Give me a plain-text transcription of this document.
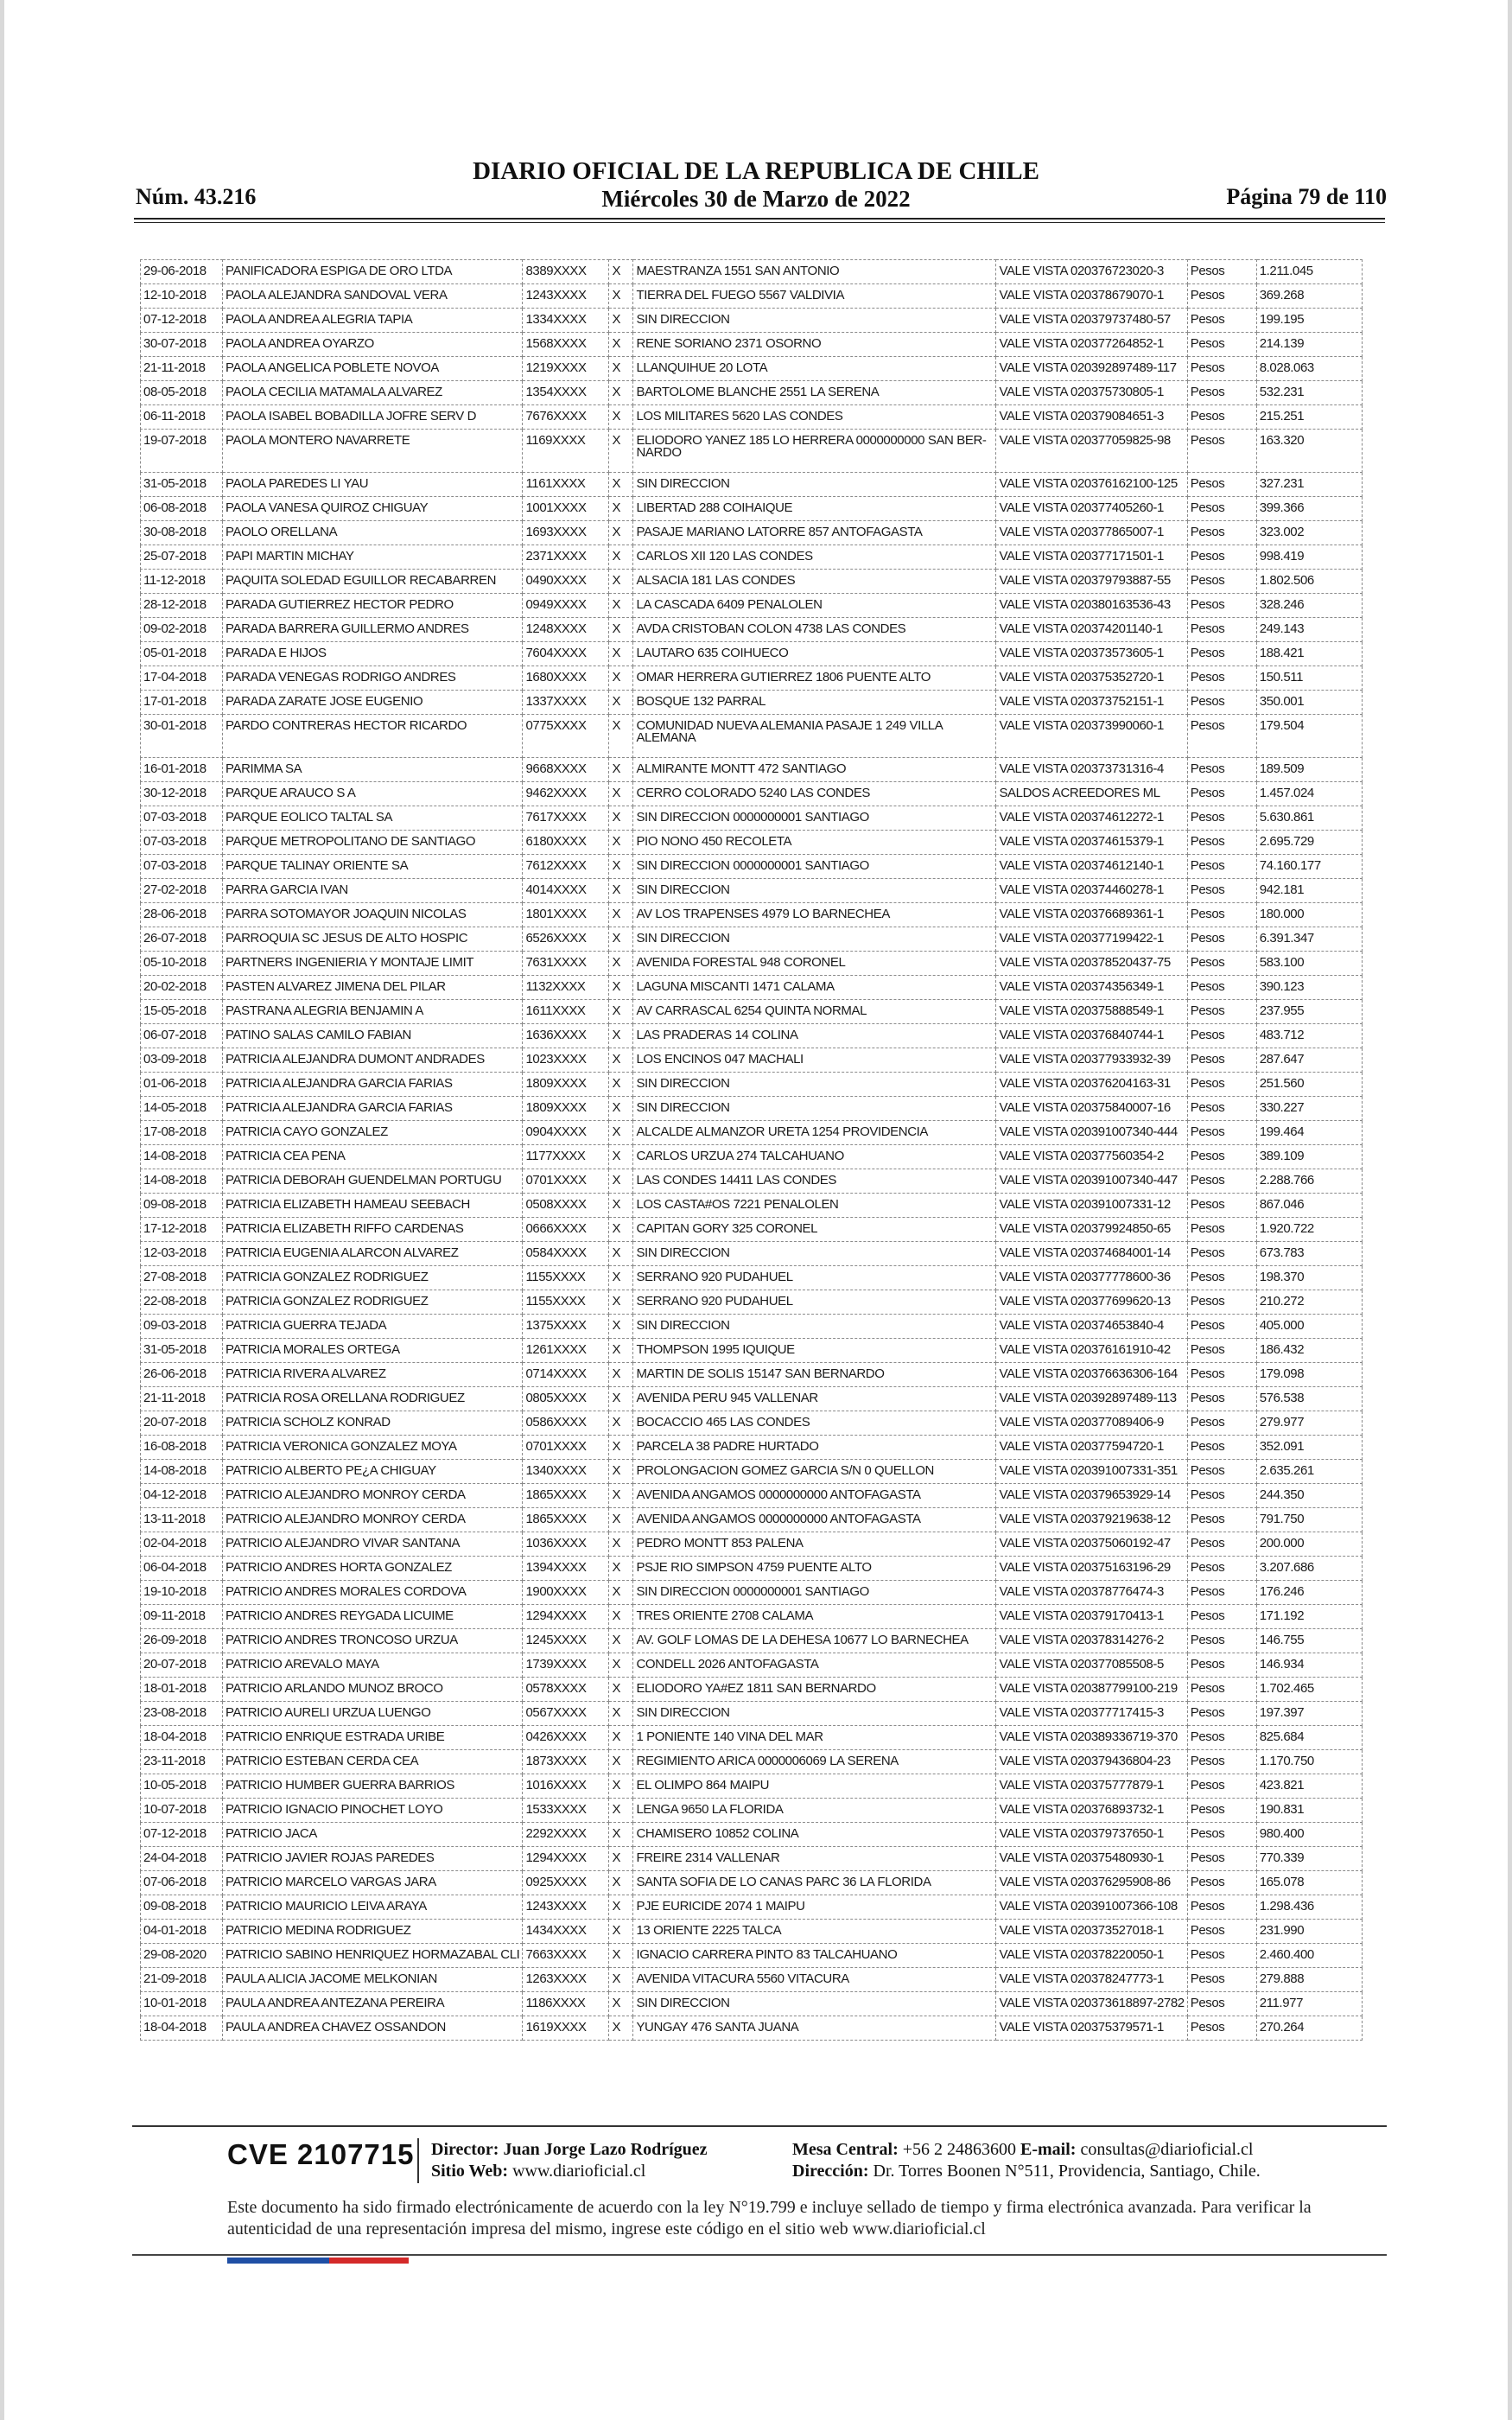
DIARIO OFICIAL DE LA REPUBLICA DE CHILE
Núm. 43.216	Miércoles 30 de Marzo de 2022	Página 79 de 110
29-06-2018	PANIFICADORA ESPIGA DE ORO LTDA	8389XXXX	X	MAESTRANZA 1551 SAN ANTONIO	VALE VISTA 020376723020-3	Pesos	1.211.045
12-10-2018	PAOLA ALEJANDRA SANDOVAL VERA	1243XXXX	X	TIERRA DEL FUEGO 5567 VALDIVIA	VALE VISTA 020378679070-1	Pesos	369.268
07-12-2018	PAOLA ANDREA ALEGRIA TAPIA	1334XXXX	X	SIN DIRECCION	VALE VISTA 020379737480-57	Pesos	199.195
30-07-2018	PAOLA ANDREA OYARZO	1568XXXX	X	RENE SORIANO 2371 OSORNO	VALE VISTA 020377264852-1	Pesos	214.139
21-11-2018	PAOLA ANGELICA POBLETE NOVOA	1219XXXX	X	LLANQUIHUE 20 LOTA	VALE VISTA 020392897489-117	Pesos	8.028.063
08-05-2018	PAOLA CECILIA MATAMALA ALVAREZ	1354XXXX	X	BARTOLOME BLANCHE 2551 LA SERENA	VALE VISTA 020375730805-1	Pesos	532.231
06-11-2018	PAOLA ISABEL BOBADILLA JOFRE SERV D	7676XXXX	X	LOS MILITARES 5620 LAS CONDES	VALE VISTA 020379084651-3	Pesos	215.251
19-07-2018	PAOLA MONTERO NAVARRETE	1169XXXX	X	ELIODORO YANEZ 185 LO HERRERA 0000000000 SAN BER-NARDO	VALE VISTA 020377059825-98	Pesos	163.320
31-05-2018	PAOLA PAREDES LI YAU	1161XXXX	X	SIN DIRECCION	VALE VISTA 020376162100-125	Pesos	327.231
06-08-2018	PAOLA VANESA QUIROZ CHIGUAY	1001XXXX	X	LIBERTAD 288 COIHAIQUE	VALE VISTA 020377405260-1	Pesos	399.366
30-08-2018	PAOLO ORELLANA	1693XXXX	X	PASAJE MARIANO LATORRE 857 ANTOFAGASTA	VALE VISTA 020377865007-1	Pesos	323.002
25-07-2018	PAPI MARTIN MICHAY	2371XXXX	X	CARLOS XII 120 LAS CONDES	VALE VISTA 020377171501-1	Pesos	998.419
11-12-2018	PAQUITA SOLEDAD EGUILLOR RECABARREN	0490XXXX	X	ALSACIA 181 LAS CONDES	VALE VISTA 020379793887-55	Pesos	1.802.506
28-12-2018	PARADA GUTIERREZ HECTOR PEDRO	0949XXXX	X	LA CASCADA 6409 PENALOLEN	VALE VISTA 020380163536-43	Pesos	328.246
09-02-2018	PARADA BARRERA GUILLERMO ANDRES	1248XXXX	X	AVDA CRISTOBAN COLON 4738 LAS CONDES	VALE VISTA 020374201140-1	Pesos	249.143
05-01-2018	PARADA E HIJOS	7604XXXX	X	LAUTARO 635 COIHUECO	VALE VISTA 020373573605-1	Pesos	188.421
17-04-2018	PARADA VENEGAS RODRIGO ANDRES	1680XXXX	X	OMAR HERRERA GUTIERREZ 1806 PUENTE ALTO	VALE VISTA 020375352720-1	Pesos	150.511
17-01-2018	PARADA ZARATE JOSE EUGENIO	1337XXXX	X	BOSQUE 132 PARRAL	VALE VISTA 020373752151-1	Pesos	350.001
30-01-2018	PARDO CONTRERAS HECTOR RICARDO	0775XXXX	X	COMUNIDAD NUEVA ALEMANIA PASAJE 1 249 VILLA ALEMANA	VALE VISTA 020373990060-1	Pesos	179.504
16-01-2018	PARIMMA SA	9668XXXX	X	ALMIRANTE MONTT 472 SANTIAGO	VALE VISTA 020373731316-4	Pesos	189.509
30-12-2018	PARQUE ARAUCO S A	9462XXXX	X	CERRO COLORADO 5240 LAS CONDES	SALDOS ACREEDORES ML	Pesos	1.457.024
07-03-2018	PARQUE EOLICO TALTAL SA	7617XXXX	X	SIN DIRECCION 0000000001 SANTIAGO	VALE VISTA 020374612272-1	Pesos	5.630.861
07-03-2018	PARQUE METROPOLITANO DE SANTIAGO	6180XXXX	X	PIO NONO 450 RECOLETA	VALE VISTA 020374615379-1	Pesos	2.695.729
07-03-2018	PARQUE TALINAY ORIENTE SA	7612XXXX	X	SIN DIRECCION 0000000001 SANTIAGO	VALE VISTA 020374612140-1	Pesos	74.160.177
27-02-2018	PARRA GARCIA IVAN	4014XXXX	X	SIN DIRECCION	VALE VISTA 020374460278-1	Pesos	942.181
28-06-2018	PARRA SOTOMAYOR JOAQUIN NICOLAS	1801XXXX	X	AV LOS TRAPENSES 4979 LO BARNECHEA	VALE VISTA 020376689361-1	Pesos	180.000
26-07-2018	PARROQUIA SC JESUS DE ALTO HOSPIC	6526XXXX	X	SIN DIRECCION	VALE VISTA 020377199422-1	Pesos	6.391.347
05-10-2018	PARTNERS INGENIERIA Y MONTAJE LIMIT	7631XXXX	X	AVENIDA FORESTAL 948 CORONEL	VALE VISTA 020378520437-75	Pesos	583.100
20-02-2018	PASTEN ALVAREZ JIMENA DEL PILAR	1132XXXX	X	LAGUNA MISCANTI 1471 CALAMA	VALE VISTA 020374356349-1	Pesos	390.123
15-05-2018	PASTRANA ALEGRIA BENJAMIN A	1611XXXX	X	AV CARRASCAL 6254 QUINTA NORMAL	VALE VISTA 020375888549-1	Pesos	237.955
06-07-2018	PATINO SALAS CAMILO FABIAN	1636XXXX	X	LAS PRADERAS 14 COLINA	VALE VISTA 020376840744-1	Pesos	483.712
03-09-2018	PATRICIA ALEJANDRA DUMONT ANDRADES	1023XXXX	X	LOS ENCINOS 047 MACHALI	VALE VISTA 020377933932-39	Pesos	287.647
01-06-2018	PATRICIA ALEJANDRA GARCIA FARIAS	1809XXXX	X	SIN DIRECCION	VALE VISTA 020376204163-31	Pesos	251.560
14-05-2018	PATRICIA ALEJANDRA GARCIA FARIAS	1809XXXX	X	SIN DIRECCION	VALE VISTA 020375840007-16	Pesos	330.227
17-08-2018	PATRICIA CAYO GONZALEZ	0904XXXX	X	ALCALDE ALMANZOR URETA 1254 PROVIDENCIA	VALE VISTA 020391007340-444	Pesos	199.464
14-08-2018	PATRICIA CEA PENA	1177XXXX	X	CARLOS URZUA 274 TALCAHUANO	VALE VISTA 020377560354-2	Pesos	389.109
14-08-2018	PATRICIA DEBORAH GUENDELMAN PORTUGU	0701XXXX	X	LAS CONDES 14411 LAS CONDES	VALE VISTA 020391007340-447	Pesos	2.288.766
09-08-2018	PATRICIA ELIZABETH HAMEAU SEEBACH	0508XXXX	X	LOS CASTA#OS 7221 PENALOLEN	VALE VISTA 020391007331-12	Pesos	867.046
17-12-2018	PATRICIA ELIZABETH RIFFO CARDENAS	0666XXXX	X	CAPITAN GORY 325 CORONEL	VALE VISTA 020379924850-65	Pesos	1.920.722
12-03-2018	PATRICIA EUGENIA ALARCON ALVAREZ	0584XXXX	X	SIN DIRECCION	VALE VISTA 020374684001-14	Pesos	673.783
27-08-2018	PATRICIA GONZALEZ RODRIGUEZ	1155XXXX	X	SERRANO 920 PUDAHUEL	VALE VISTA 020377778600-36	Pesos	198.370
22-08-2018	PATRICIA GONZALEZ RODRIGUEZ	1155XXXX	X	SERRANO 920 PUDAHUEL	VALE VISTA 020377699620-13	Pesos	210.272
09-03-2018	PATRICIA GUERRA TEJADA	1375XXXX	X	SIN DIRECCION	VALE VISTA 020374653840-4	Pesos	405.000
31-05-2018	PATRICIA MORALES ORTEGA	1261XXXX	X	THOMPSON 1995 IQUIQUE	VALE VISTA 020376161910-42	Pesos	186.432
26-06-2018	PATRICIA RIVERA ALVAREZ	0714XXXX	X	MARTIN DE SOLIS 15147 SAN BERNARDO	VALE VISTA 020376636306-164	Pesos	179.098
21-11-2018	PATRICIA ROSA ORELLANA RODRIGUEZ	0805XXXX	X	AVENIDA PERU 945 VALLENAR	VALE VISTA 020392897489-113	Pesos	576.538
20-07-2018	PATRICIA SCHOLZ KONRAD	0586XXXX	X	BOCACCIO 465 LAS CONDES	VALE VISTA 020377089406-9	Pesos	279.977
16-08-2018	PATRICIA VERONICA GONZALEZ MOYA	0701XXXX	X	PARCELA 38 PADRE HURTADO	VALE VISTA 020377594720-1	Pesos	352.091
14-08-2018	PATRICIO ALBERTO PE¿A CHIGUAY	1340XXXX	X	PROLONGACION GOMEZ GARCIA S/N 0 QUELLON	VALE VISTA 020391007331-351	Pesos	2.635.261
04-12-2018	PATRICIO ALEJANDRO MONROY CERDA	1865XXXX	X	AVENIDA ANGAMOS 0000000000 ANTOFAGASTA	VALE VISTA 020379653929-14	Pesos	244.350
13-11-2018	PATRICIO ALEJANDRO MONROY CERDA	1865XXXX	X	AVENIDA ANGAMOS 0000000000 ANTOFAGASTA	VALE VISTA 020379219638-12	Pesos	791.750
02-04-2018	PATRICIO ALEJANDRO VIVAR SANTANA	1036XXXX	X	PEDRO MONTT 853 PALENA	VALE VISTA 020375060192-47	Pesos	200.000
06-04-2018	PATRICIO ANDRES HORTA GONZALEZ	1394XXXX	X	PSJE RIO SIMPSON 4759 PUENTE ALTO	VALE VISTA 020375163196-29	Pesos	3.207.686
19-10-2018	PATRICIO ANDRES MORALES CORDOVA	1900XXXX	X	SIN DIRECCION 0000000001 SANTIAGO	VALE VISTA 020378776474-3	Pesos	176.246
09-11-2018	PATRICIO ANDRES REYGADA LICUIME	1294XXXX	X	TRES ORIENTE 2708 CALAMA	VALE VISTA 020379170413-1	Pesos	171.192
26-09-2018	PATRICIO ANDRES TRONCOSO URZUA	1245XXXX	X	AV. GOLF LOMAS DE LA DEHESA 10677 LO BARNECHEA	VALE VISTA 020378314276-2	Pesos	146.755
20-07-2018	PATRICIO AREVALO MAYA	1739XXXX	X	CONDELL 2026 ANTOFAGASTA	VALE VISTA 020377085508-5	Pesos	146.934
18-01-2018	PATRICIO ARLANDO MUNOZ BROCO	0578XXXX	X	ELIODORO YA#EZ 1811 SAN BERNARDO	VALE VISTA 020387799100-219	Pesos	1.702.465
23-08-2018	PATRICIO AURELI URZUA LUENGO	0567XXXX	X	SIN DIRECCION	VALE VISTA 020377717415-3	Pesos	197.397
18-04-2018	PATRICIO ENRIQUE ESTRADA URIBE	0426XXXX	X	1 PONIENTE 140 VINA DEL MAR	VALE VISTA 020389336719-370	Pesos	825.684
23-11-2018	PATRICIO ESTEBAN CERDA CEA	1873XXXX	X	REGIMIENTO ARICA 0000006069 LA SERENA	VALE VISTA 020379436804-23	Pesos	1.170.750
10-05-2018	PATRICIO HUMBER GUERRA BARRIOS	1016XXXX	X	EL OLIMPO 864 MAIPU	VALE VISTA 020375777879-1	Pesos	423.821
10-07-2018	PATRICIO IGNACIO PINOCHET LOYO	1533XXXX	X	LENGA 9650 LA FLORIDA	VALE VISTA 020376893732-1	Pesos	190.831
07-12-2018	PATRICIO JACA	2292XXXX	X	CHAMISERO 10852 COLINA	VALE VISTA 020379737650-1	Pesos	980.400
24-04-2018	PATRICIO JAVIER ROJAS PAREDES	1294XXXX	X	FREIRE 2314 VALLENAR	VALE VISTA 020375480930-1	Pesos	770.339
07-06-2018	PATRICIO MARCELO VARGAS JARA	0925XXXX	X	SANTA SOFIA DE LO CANAS PARC 36 LA FLORIDA	VALE VISTA 020376295908-86	Pesos	165.078
09-08-2018	PATRICIO MAURICIO LEIVA ARAYA	1243XXXX	X	PJE EURICIDE 2074 1 MAIPU	VALE VISTA 020391007366-108	Pesos	1.298.436
04-01-2018	PATRICIO MEDINA RODRIGUEZ	1434XXXX	X	13 ORIENTE 2225 TALCA	VALE VISTA 020373527018-1	Pesos	231.990
29-08-2020	PATRICIO SABINO HENRIQUEZ HORMAZABAL CLI	7663XXXX	X	IGNACIO CARRERA PINTO 83 TALCAHUANO	VALE VISTA 020378220050-1	Pesos	2.460.400
21-09-2018	PAULA ALICIA JACOME MELKONIAN	1263XXXX	X	AVENIDA VITACURA 5560 VITACURA	VALE VISTA 020378247773-1	Pesos	279.888
10-01-2018	PAULA ANDREA ANTEZANA PEREIRA	1186XXXX	X	SIN DIRECCION	VALE VISTA 020373618897-2782	Pesos	211.977
18-04-2018	PAULA ANDREA CHAVEZ OSSANDON	1619XXXX	X	YUNGAY 476 SANTA JUANA	VALE VISTA 020375379571-1	Pesos	270.264
CVE 2107715 Director: Juan Jorge Lazo Rodríguez
Sitio Web: www.diarioficial.cl
Mesa Central: +56 2 24863600 E-mail: consultas@diarioficial.cl
Dirección: Dr. Torres Boonen N°511, Providencia, Santiago, Chile.
Este documento ha sido firmado electrónicamente de acuerdo con la ley N°19.799 e incluye sellado de tiempo y firma electrónica avanzada. Para verificar la autenticidad de una representación impresa del mismo, ingrese este código en el sitio web www.diarioficial.cl
